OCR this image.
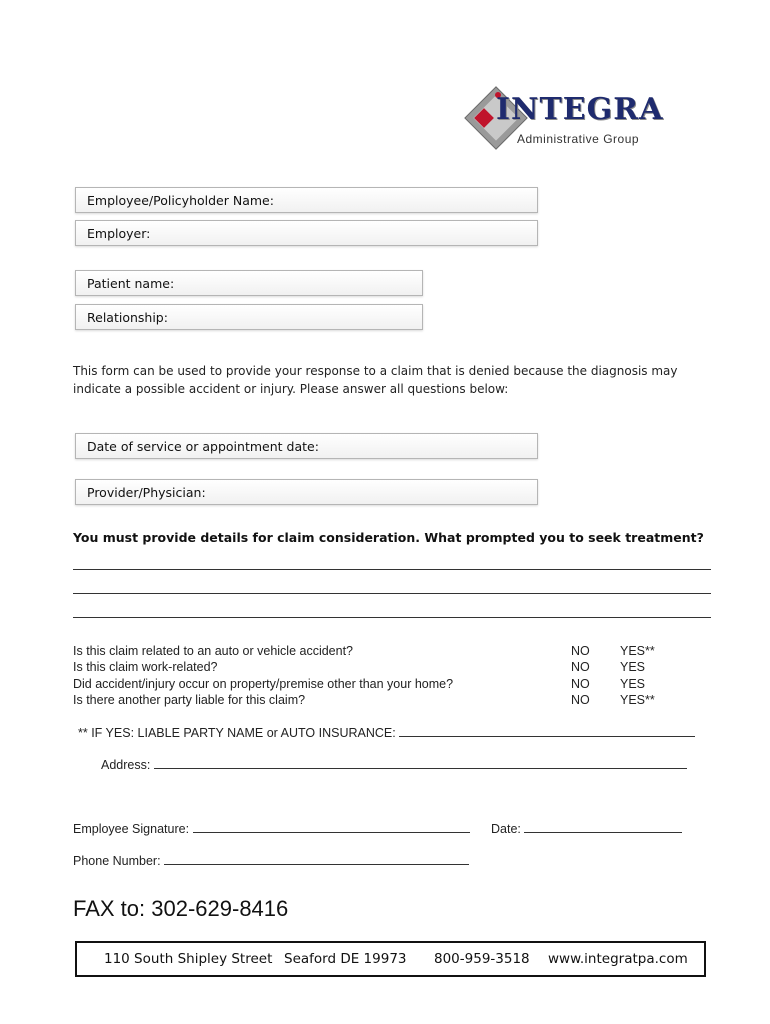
INTEGRA
Administrative Group
Employee/Policyholder Name:
Employer:
Patient name:
Relationship:
This form can be used to provide your response to a claim that is denied because the diagnosis may indicate a possible accident or injury. Please answer all questions below:
Date of service or appointment date:
Provider/Physician:
You must provide details for claim consideration. What prompted you to seek treatment?
Is this claim related to an auto or vehicle accident?	NO YES**
Is this claim work-related?	NO YES
Did accident/injury occur on property/premise other than your home?	NO YES
Is there another party liable for this claim?	NO YES**
** IF YES: LIABLE PARTY NAME or AUTO INSURANCE:
Address:
Employee Signature:	Date:
Phone Number:
FAX to: 302-629-8416
110 South Shipley Street Seaford DE 19973 800-959-3518 www.integratpa.com
